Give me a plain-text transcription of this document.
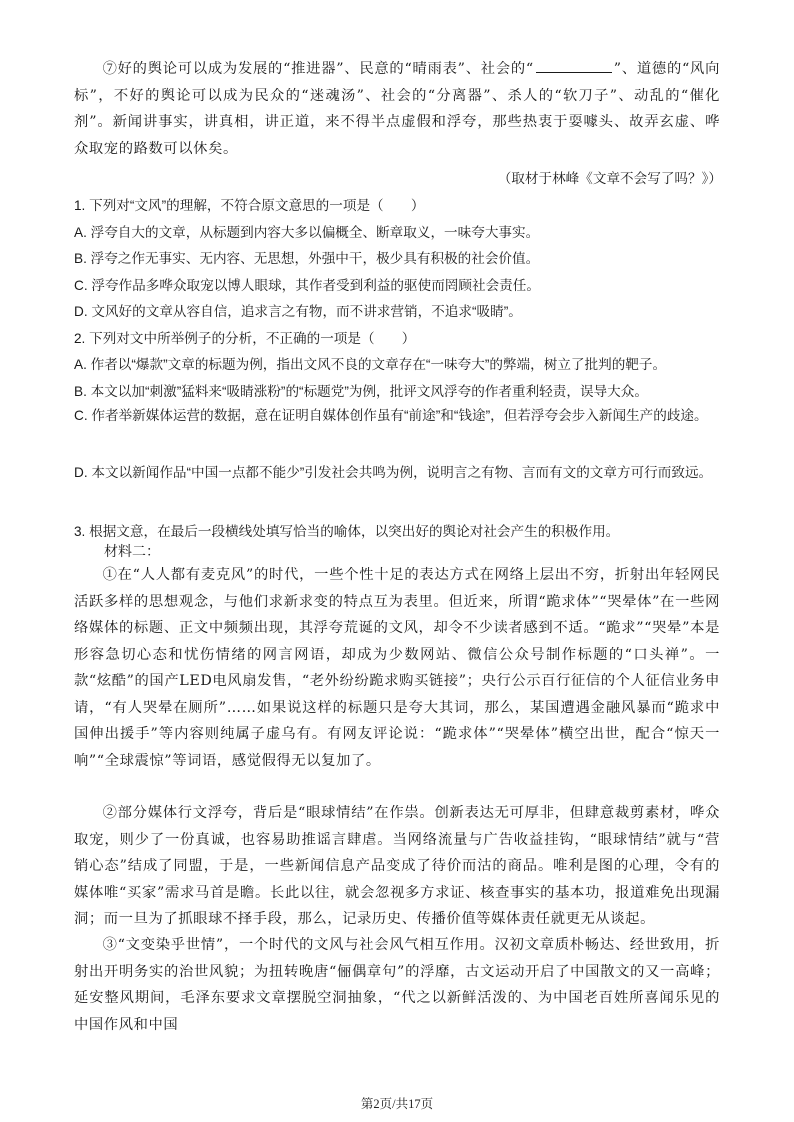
⑦好的舆论可以成为发展的“推进器”、民意的“晴雨表”、社会的“	”、道德的“风向标”，不好的舆论可以成为民众的“迷魂汤”、社会的“分离器”、杀人的“软刀子”、动乱的“催化剂”。新闻讲事实，讲真相，讲正道，来不得半点虚假和浮夸，那些热衷于耍噱头、故弄玄虚、哗众取宠的路数可以休矣。

（取材于林峰《文章不会写了吗？》）

1. 下列对“文风”的理解，不符合原文意思的一项是（　　）

A. 浮夸自大的文章，从标题到内容大多以偏概全、断章取义，一味夸大事实。

B. 浮夸之作无事实、无内容、无思想，外强中干，极少具有积极的社会价值。

C. 浮夸作品多哗众取宠以博人眼球，其作者受到利益的驱使而罔顾社会责任。

D. 文风好的文章从容自信，追求言之有物，而不讲求营销，不追求“吸睛”。

2. 下列对文中所举例子的分析，不正确的一项是（　　）

A. 作者以“爆款”文章的标题为例，指出文风不良的文章存在“一味夸大”的弊端，树立了批判的靶子。

B. 本文以加“刺激”猛料来“吸睛涨粉”的“标题党”为例，批评文风浮夸的作者重利轻责，误导大众。

C. 作者举新媒体运营的数据，意在证明自媒体创作虽有“前途”和“钱途”，但若浮夸会步入新闻生产的歧途。

D. 本文以新闻作品“中国一点都不能少”引发社会共鸣为例，说明言之有物、言而有文的文章方可行而致远。

3. 根据文意，在最后一段横线处填写恰当的喻体，以突出好的舆论对社会产生的积极作用。

材料二：

①在“人人都有麦克风”的时代，一些个性十足的表达方式在网络上层出不穷，折射出年轻网民活跃多样的思想观念，与他们求新求变的特点互为表里。但近来，所谓“跪求体”“哭晕体”在一些网络媒体的标题、正文中频频出现，其浮夸荒诞的文风，却令不少读者感到不适。“跪求”“哭晕”本是形容急切心态和忧伤情绪的网言网语，却成为少数网站、微信公众号制作标题的“口头禅”。一款“炫酷”的国产LED电风扇发售，“老外纷纷跪求购买链接”；央行公示百行征信的个人征信业务申请，“有人哭晕在厕所”……如果说这样的标题只是夸大其词，那么，某国遭遇金融风暴而“跪求中国伸出援手”等内容则纯属子虚乌有。有网友评论说：“跪求体”“哭晕体”横空出世，配合“惊天一响”“全球震惊”等词语，感觉假得无以复加了。

②部分媒体行文浮夸，背后是“眼球情结”在作祟。创新表达无可厚非，但肆意裁剪素材，哗众取宠，则少了一份真诚，也容易助推谣言肆虐。当网络流量与广告收益挂钩，“眼球情结”就与“营销心态”结成了同盟，于是，一些新闻信息产品变成了待价而沽的商品。唯利是图的心理，令有的媒体唯“买家”需求马首是瞻。长此以往，就会忽视多方求证、核查事实的基本功，报道难免出现漏洞；而一旦为了抓眼球不择手段，那么，记录历史、传播价值等媒体责任就更无从谈起。

③“文变染乎世情”，一个时代的文风与社会风气相互作用。汉初文章质朴畅达、经世致用，折射出开明务实的治世风貌；为扭转晚唐“俪偶章句”的浮靡，古文运动开启了中国散文的又一高峰；延安整风期间，毛泽东要求文章摆脱空洞抽象，“代之以新鲜活泼的、为中国老百姓所喜闻乐见的中国作风和中国

第2页/共17页
